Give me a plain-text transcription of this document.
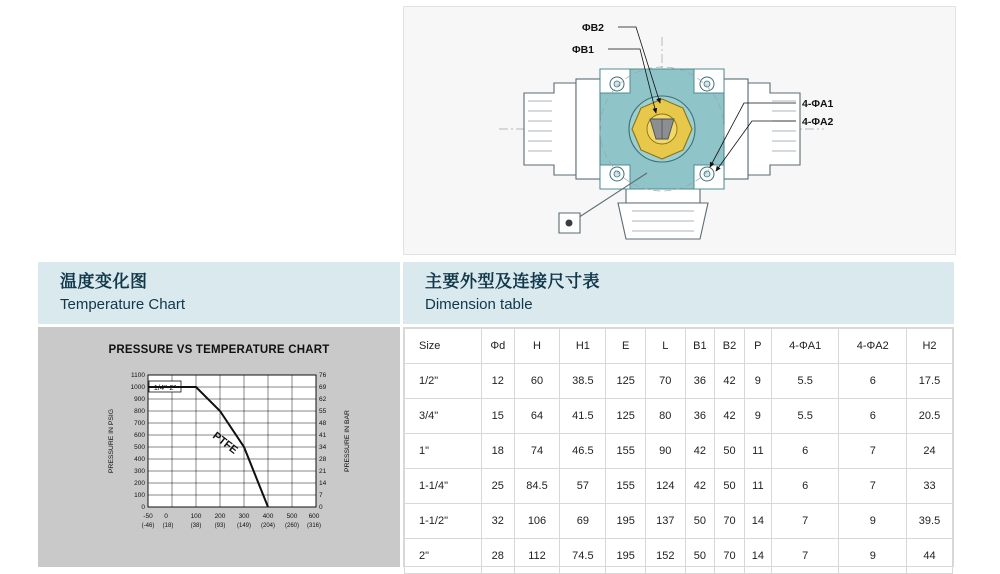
ΦB2
ΦB1
4-ΦA1
4-ΦA2
温度变化图
Temperature Chart
主要外型及连接尺寸表
Dimension table
PRESSURE VS TEMPERATURE CHART
1/4"-2"
PTFE
1100
1000
900
800
700
600
500
400
300
200
100
0
76
69
62
55
48
41
34
28
21
14
7
0
-50 0	100 200 300 400 500 600
(-46) (18)	(38) (93) (149) (204) (260) (316)
PRESSURE IN PSIG	PRESSURE IN BAR
Size	Φd	H	H1	E	L	B1	B2	P	4-ΦA1	4-ΦA2	H2
1/2"	12	60	38.5	125	70	36	42	9	5.5	6	17.5
3/4"	15	64	41.5	125	80	36	42	9	5.5	6	20.5
1"	18	74	46.5	155	90	42	50	11	6	7	24
1-1/4"	25	84.5	57	155	124	42	50	11	6	7	33
1-1/2"	32	106	69	195	137	50	70	14	7	9	39.5
2"	28	112	74.5	195	152	50	70	14	7	9	44
